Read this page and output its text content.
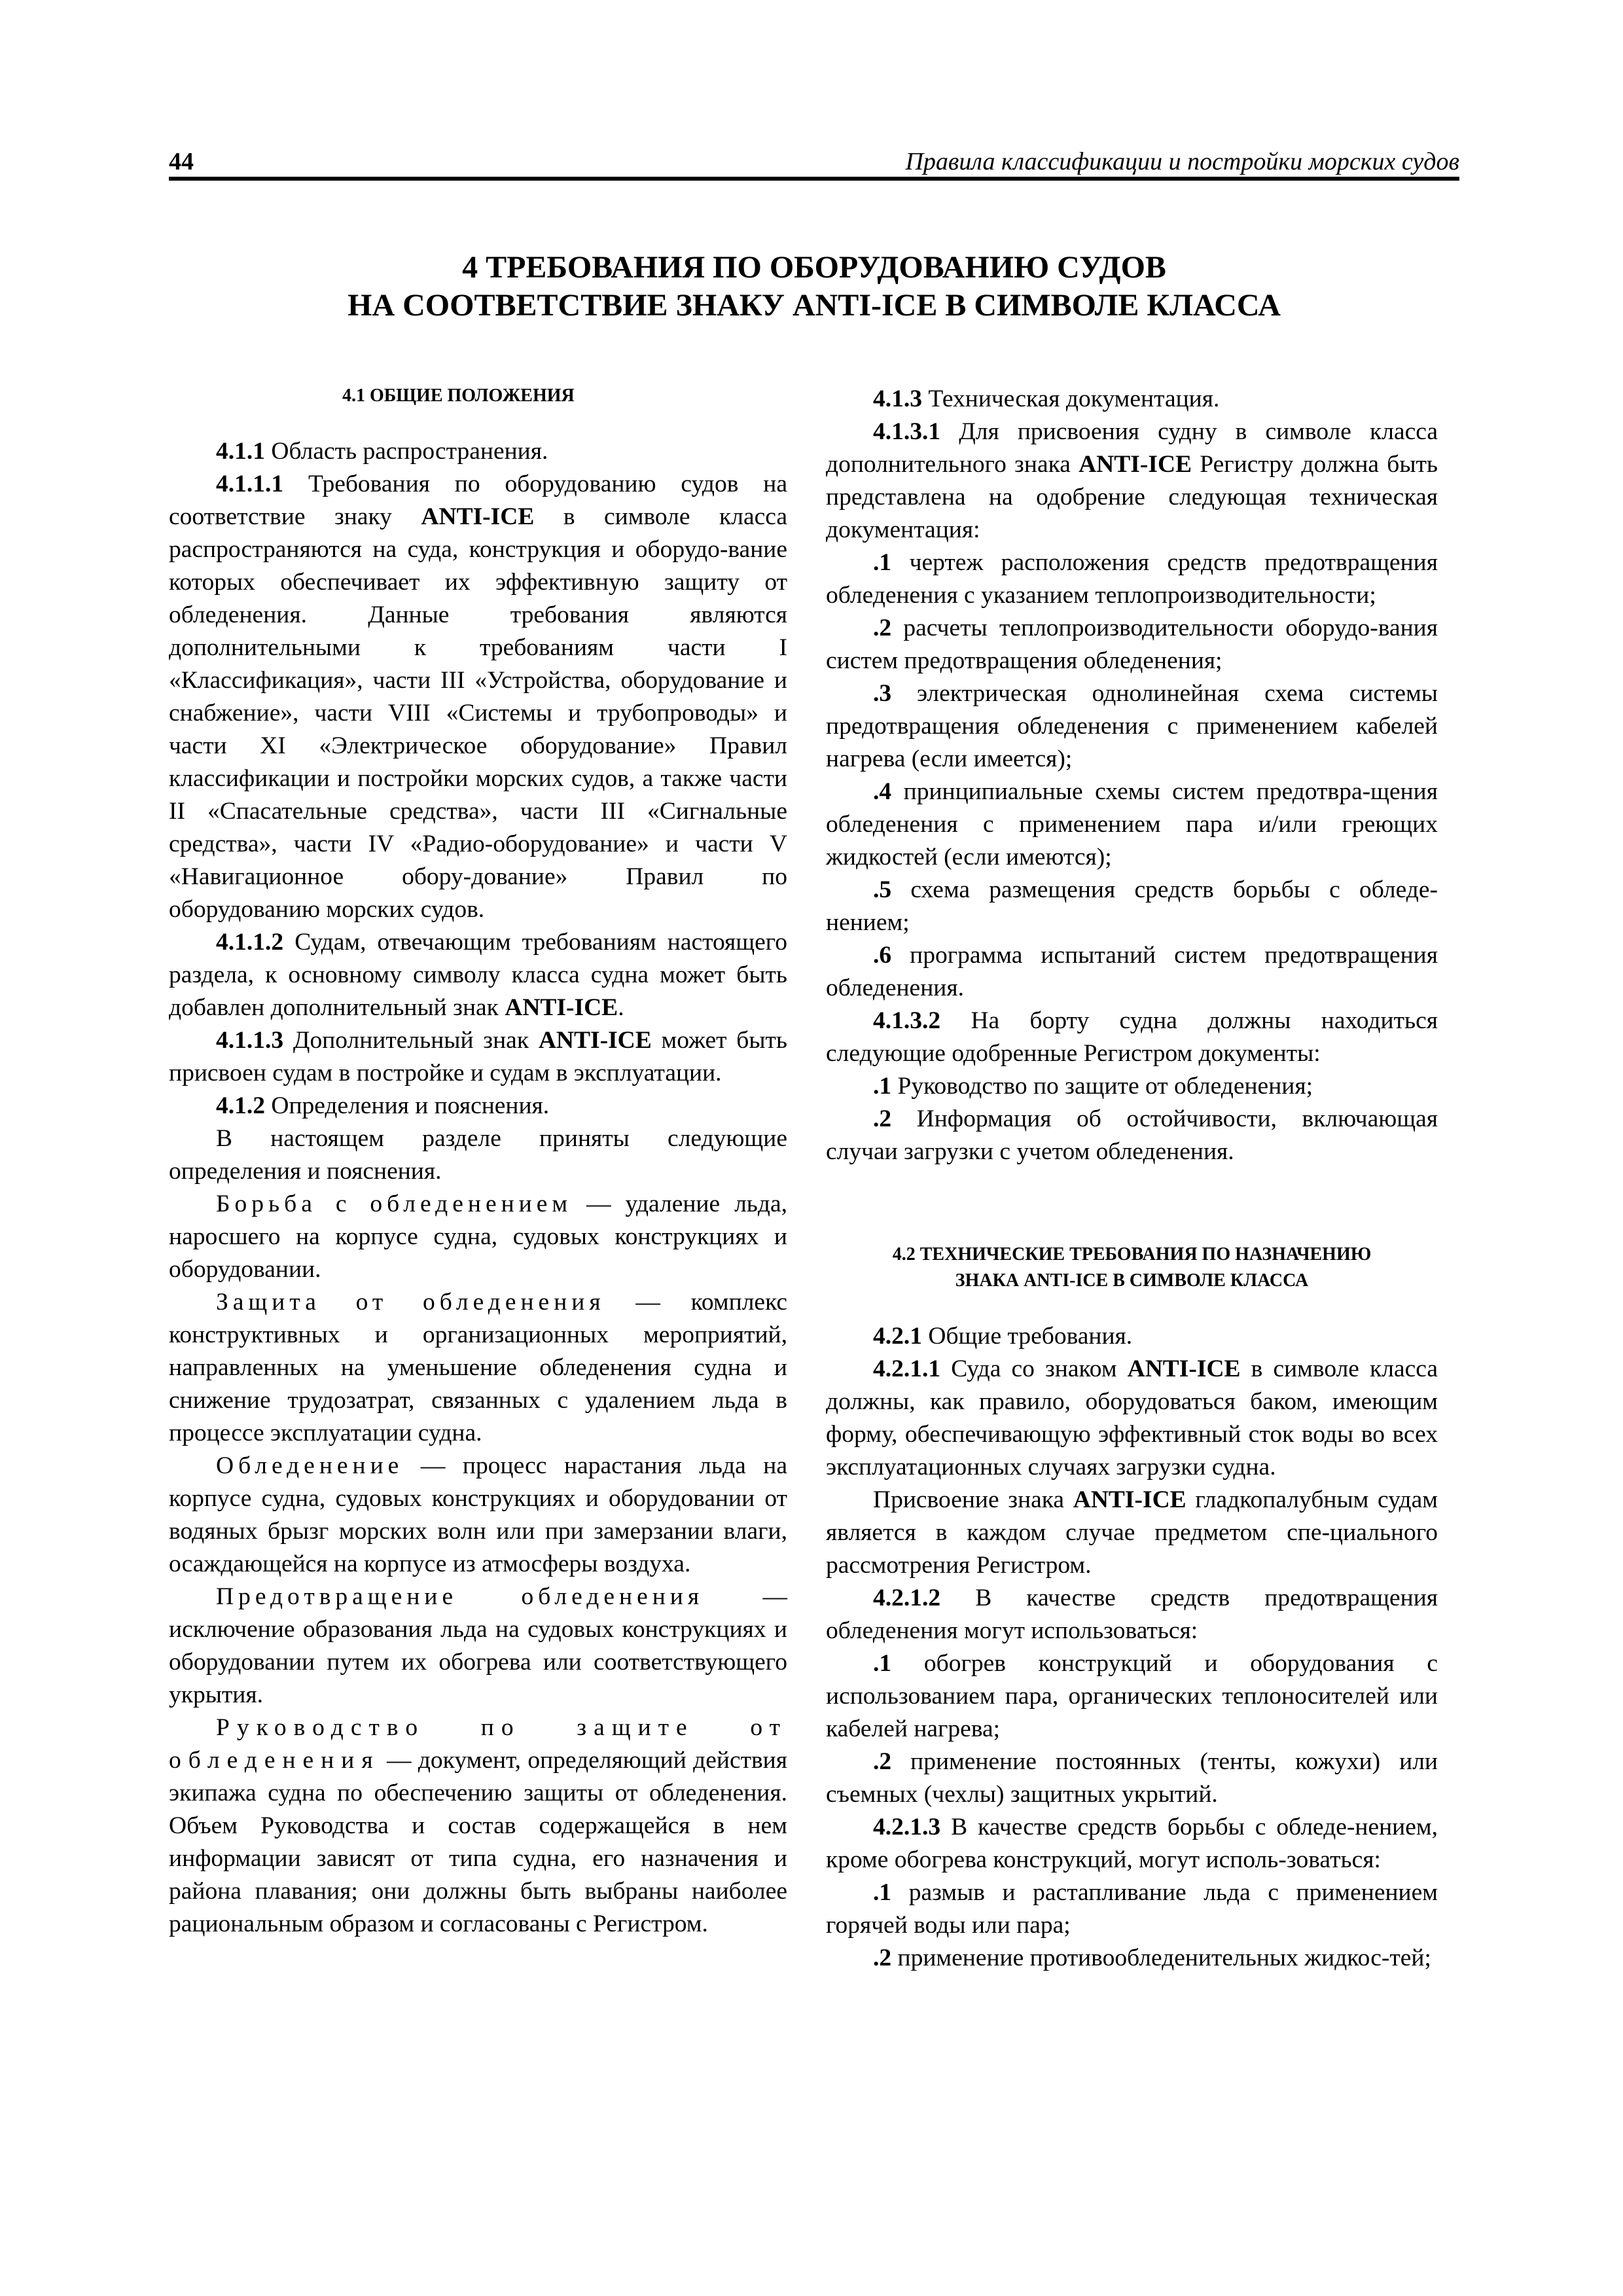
44	Правила классификации и постройки морских судов
4 ТРЕБОВАНИЯ ПО ОБОРУДОВАНИЮ СУДОВ
НА СООТВЕТСТВИЕ ЗНАКУ ANTI-ICE В СИМВОЛЕ КЛАССА

4.1 ОБЩИЕ ПОЛОЖЕНИЯ

4.1.1 Область распространения.

4.1.1.1 Требования по оборудованию судов на соответствие знаку ANTI-ICE в символе класса распространяются на суда, конструкция и оборудо-вание которых обеспечивает их эффективную защиту от обледенения. Данные требования являются дополнительными к требованиям части I «Классификация», части III «Устройства, оборудование и снабжение», части VIII «Системы и трубопроводы» и части XI «Электрическое оборудование» Правил классификации и постройки морских судов, а также части II «Спасательные средства», части III «Сигнальные средства», части IV «Радио-оборудование» и части V «Навигационное обору-дование» Правил по оборудованию морских судов.

4.1.1.2 Судам, отвечающим требованиям настоящего раздела, к основному символу класса судна может быть добавлен дополнительный знак ANTI-ICE.

4.1.1.3 Дополнительный знак ANTI-ICE может быть присвоен судам в постройке и судам в эксплуатации.

4.1.2 Определения и пояснения.

В настоящем разделе приняты следующие определения и пояснения.

Борьба с обледенением — удаление льда, наросшего на корпусе судна, судовых конструкциях и оборудовании.

Защита от обледенения — комплекс конструктивных и организационных мероприятий, направленных на уменьшение обледенения судна и снижение трудозатрат, связанных с удалением льда в процессе эксплуатации судна.

Обледенение — процесс нарастания льда на корпусе судна, судовых конструкциях и оборудовании от водяных брызг морских волн или при замерзании влаги, осаждающейся на корпусе из атмосферы воздуха.

Предотвращение обледенения — исключение образования льда на судовых конструкциях и оборудовании путем их обогрева или соответствующего укрытия.

Руководство по защите от обледенения — документ, определяющий действия экипажа судна по обеспечению защиты от обледенения. Объем Руководства и состав содержащейся в нем информации зависят от типа судна, его назначения и района плавания; они должны быть выбраны наиболее рациональным образом и согласованы с Регистром.

4.1.3 Техническая документация.

4.1.3.1 Для присвоения судну в символе класса дополнительного знака ANTI-ICE Регистру должна быть представлена на одобрение следующая техническая документация:

.1 чертеж расположения средств предотвращения обледенения с указанием теплопроизводительности;

.2 расчеты теплопроизводительности оборудо-вания систем предотвращения обледенения;

.3 электрическая однолинейная схема системы предотвращения обледенения с применением кабелей нагрева (если имеется);

.4 принципиальные схемы систем предотвра-щения обледенения с применением пара и/или греющих жидкостей (если имеются);

.5 схема размещения средств борьбы с обледе-нением;

.6 программа испытаний систем предотвращения обледенения.

4.1.3.2 На борту судна должны находиться следующие одобренные Регистром документы:

.1 Руководство по защите от обледенения;

.2 Информация об остойчивости, включающая случаи загрузки с учетом обледенения.

4.2 ТЕХНИЧЕСКИЕ ТРЕБОВАНИЯ ПО НАЗНАЧЕНИЮ

ЗНАКА ANTI-ICE В СИМВОЛЕ КЛАССА

4.2.1 Общие требования.

4.2.1.1 Суда со знаком ANTI-ICE в символе класса должны, как правило, оборудоваться баком, имеющим форму, обеспечивающую эффективный сток воды во всех эксплуатационных случаях загрузки судна.

Присвоение знака ANTI-ICE гладкопалубным судам является в каждом случае предметом спе-циального рассмотрения Регистром.

4.2.1.2 В качестве средств предотвращения обледенения могут использоваться:

.1 обогрев конструкций и оборудования с использованием пара, органических теплоносителей или кабелей нагрева;

.2 применение постоянных (тенты, кожухи) или съемных (чехлы) защитных укрытий.

4.2.1.3 В качестве средств борьбы с обледе-нением, кроме обогрева конструкций, могут исполь-зоваться:

.1 размыв и растапливание льда с применением горячей воды или пара;

.2 применение противообледенительных жидкос-тей;
